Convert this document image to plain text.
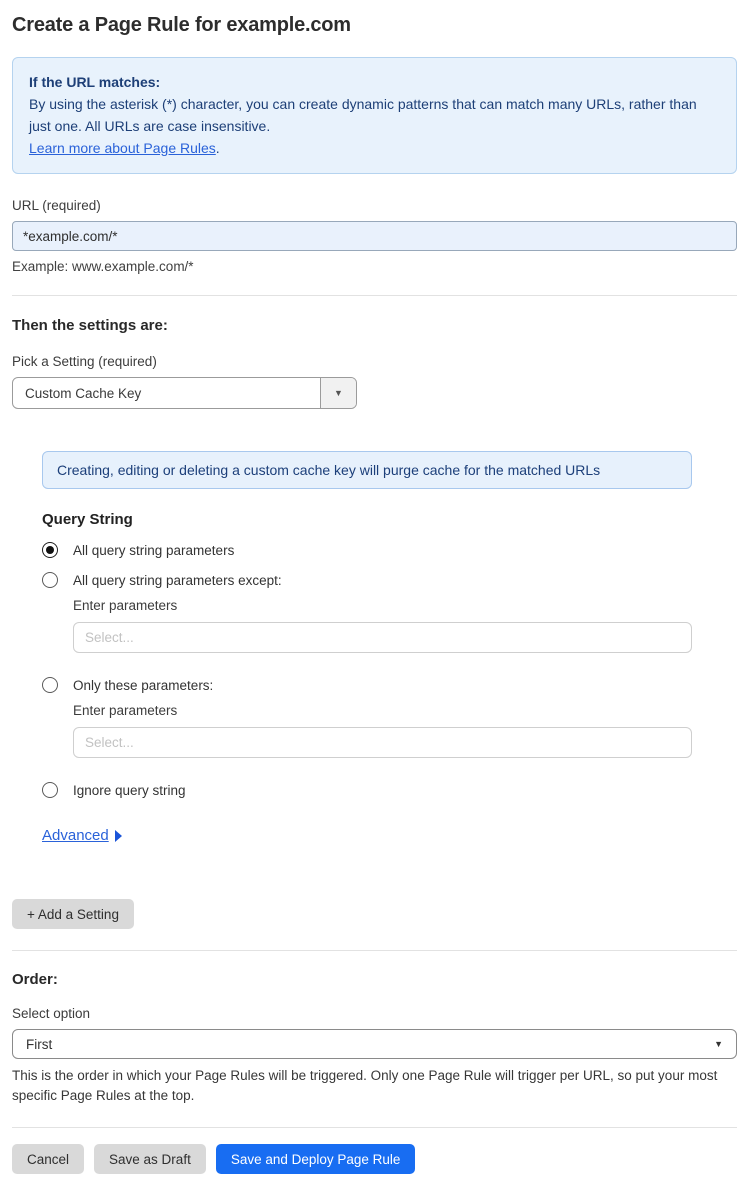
Create a Page Rule for example.com
If the URL matches:
By using the asterisk (*) character, you can create dynamic patterns that can match many URLs, rather than just one. All URLs are case insensitive.
Learn more about Page Rules.
URL (required)
*example.com/*
Example: www.example.com/*
Then the settings are:
Pick a Setting (required)
Custom Cache Key	▼
Creating, editing or deleting a custom cache key will purge cache for the matched URLs
Query String
All query string parameters
All query string parameters except:
Enter parameters
Select...
Only these parameters:
Enter parameters
Select...
Ignore query string
Advanced
+ Add a Setting
Order:
Select option
First	▼
This is the order in which your Page Rules will be triggered. Only one Page Rule will trigger per URL, so put your most specific Page Rules at the top.
Cancel	Save as Draft	Save and Deploy Page Rule
